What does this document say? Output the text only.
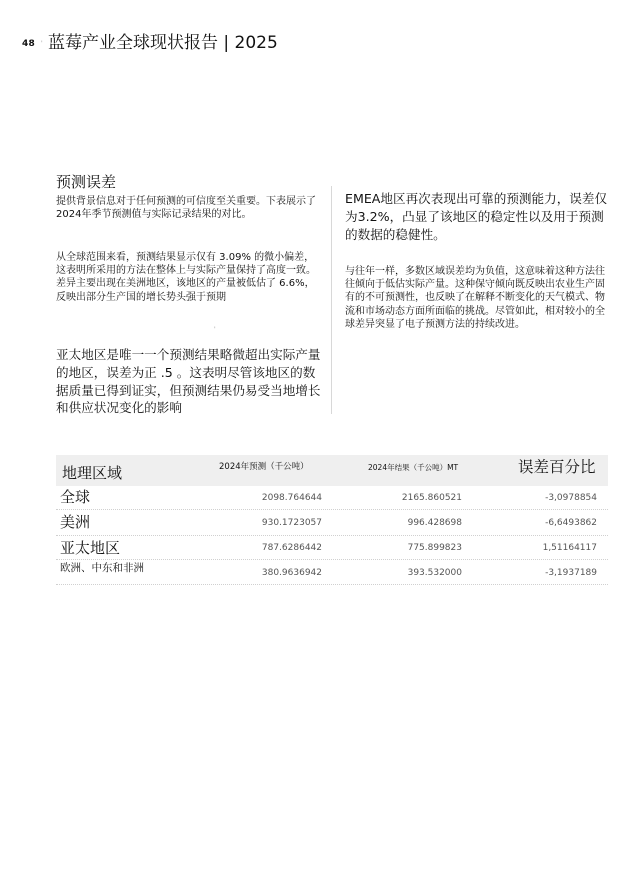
48 ' 蓝莓产业全球现状报告 | 2025
预测误差

提供背景信息对于任何预测的可信度至关重要。下表展示了2024年季节预测值与实际记录结果的对比。

从全球范围来看，预测结果显示仅有 3.09% 的微小偏差，这表明所采用的方法在整体上与实际产量保持了高度一致。差异主要出现在美洲地区，该地区的产量被低估了 6.6%，反映出部分生产国的增长势头强于预期

'

亚太地区是唯一一个预测结果略微超出实际产量的地区，误差为正 .5 。这表明尽管该地区的数据质量已得到证实，但预测结果仍易受当地增长和供应状况变化的影响

EMEA地区再次表现出可靠的预测能力，误差仅为3.2%，凸显了该地区的稳定性以及用于预测的数据的稳健性。

与往年一样，多数区域误差均为负值，这意味着这种方法往往倾向于低估实际产量。这种保守倾向既反映出农业生产固有的不可预测性，也反映了在解释不断变化的天气模式、物流和市场动态方面所面临的挑战。尽管如此，相对较小的全球差异突显了电子预测方法的持续改进。

地理区域	2024年预测（千公吨）	2024年结果（千公吨）MT	误差百分比
全球	2098.764644	2165.860521	-3,0978854
美洲	930.1723057	996.428698	-6,6493862
亚太地区	787.6286442	775.899823	1,51164117
欧洲、中东和非洲	380.9636942	393.532000	-3,1937189
